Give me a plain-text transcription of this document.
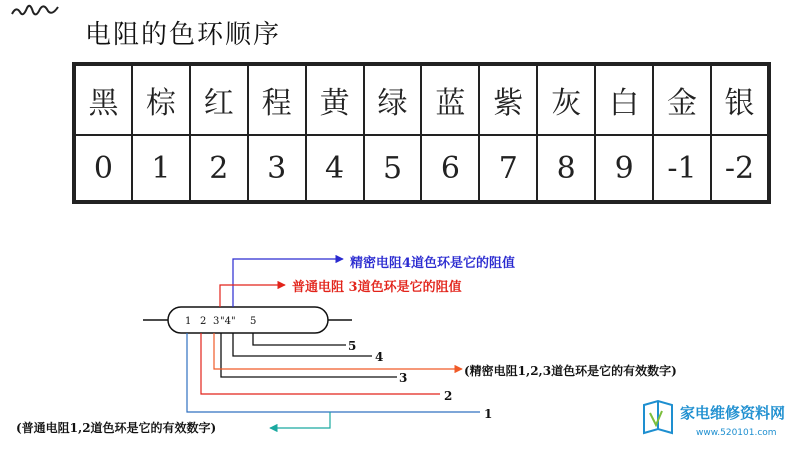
电阻的色环顺序
黑	棕	红	程	黄	绿	蓝	紫	灰	白	金	银
0	1	2	3	4	5	6	7	8	9	-1	-2
1 2 3 "4" 5
精密电阻4道色环是它的阻值
普通电阻 3道色环是它的阻值
5
4
3	(精密电阻1,2,3道色环是它的有效数字)
2
1
(普通电阻1,2道色环是它的有效数字)
家电维修资料网
www.520101.com
